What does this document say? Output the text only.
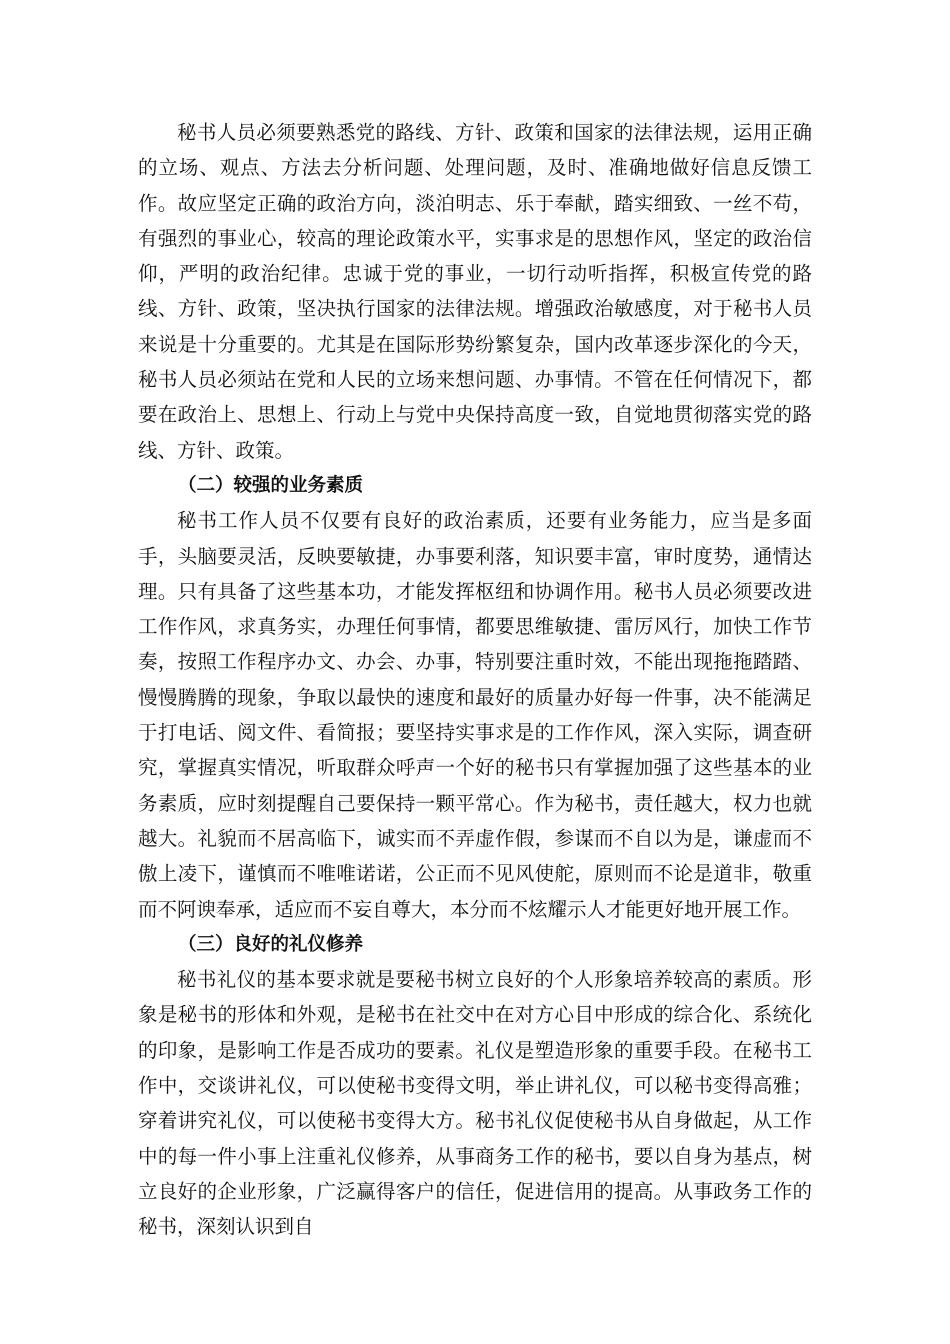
秘书人员必须要熟悉党的路线、方针、政策和国家的法律法规，运用正确的立场、观点、方法去分析问题、处理问题，及时、准确地做好信息反馈工作。故应坚定正确的政治方向，淡泊明志、乐于奉献，踏实细致、一丝不苟，有强烈的事业心，较高的理论政策水平，实事求是的思想作风，坚定的政治信仰，严明的政治纪律。忠诚于党的事业，一切行动听指挥，积极宣传党的路线、方针、政策，坚决执行国家的法律法规。增强政治敏感度，对于秘书人员来说是十分重要的。尤其是在国际形势纷繁复杂，国内改革逐步深化的今天，秘书人员必须站在党和人民的立场来想问题、办事情。不管在任何情况下，都要在政治上、思想上、行动上与党中央保持高度一致，自觉地贯彻落实党的路线、方针、政策。

（二）较强的业务素质

秘书工作人员不仅要有良好的政治素质，还要有业务能力，应当是多面手，头脑要灵活，反映要敏捷，办事要利落，知识要丰富，审时度势，通情达理。只有具备了这些基本功，才能发挥枢纽和协调作用。秘书人员必须要改进工作作风，求真务实，办理任何事情，都要思维敏捷、雷厉风行，加快工作节奏，按照工作程序办文、办会、办事，特别要注重时效，不能出现拖拖踏踏、慢慢腾腾的现象，争取以最快的速度和最好的质量办好每一件事，决不能满足于打电话、阅文件、看简报；要坚持实事求是的工作作风，深入实际，调查研究，掌握真实情况，听取群众呼声一个好的秘书只有掌握加强了这些基本的业务素质，应时刻提醒自己要保持一颗平常心。作为秘书，责任越大，权力也就越大。礼貌而不居高临下，诚实而不弄虚作假，参谋而不自以为是，谦虚而不傲上凌下，谨慎而不唯唯诺诺，公正而不见风使舵，原则而不论是道非，敬重而不阿谀奉承，适应而不妄自尊大，本分而不炫耀示人才能更好地开展工作。

（三）良好的礼仪修养

秘书礼仪的基本要求就是要秘书树立良好的个人形象培养较高的素质。形象是秘书的形体和外观，是秘书在社交中在对方心目中形成的综合化、系统化的印象，是影响工作是否成功的要素。礼仪是塑造形象的重要手段。在秘书工作中，交谈讲礼仪，可以使秘书变得文明，举止讲礼仪，可以秘书变得高雅；穿着讲究礼仪，可以使秘书变得大方。秘书礼仪促使秘书从自身做起，从工作中的每一件小事上注重礼仪修养，从事商务工作的秘书，要以自身为基点，树立良好的企业形象，广泛赢得客户的信任，促进信用的提高。从事政务工作的秘书，深刻认识到自
